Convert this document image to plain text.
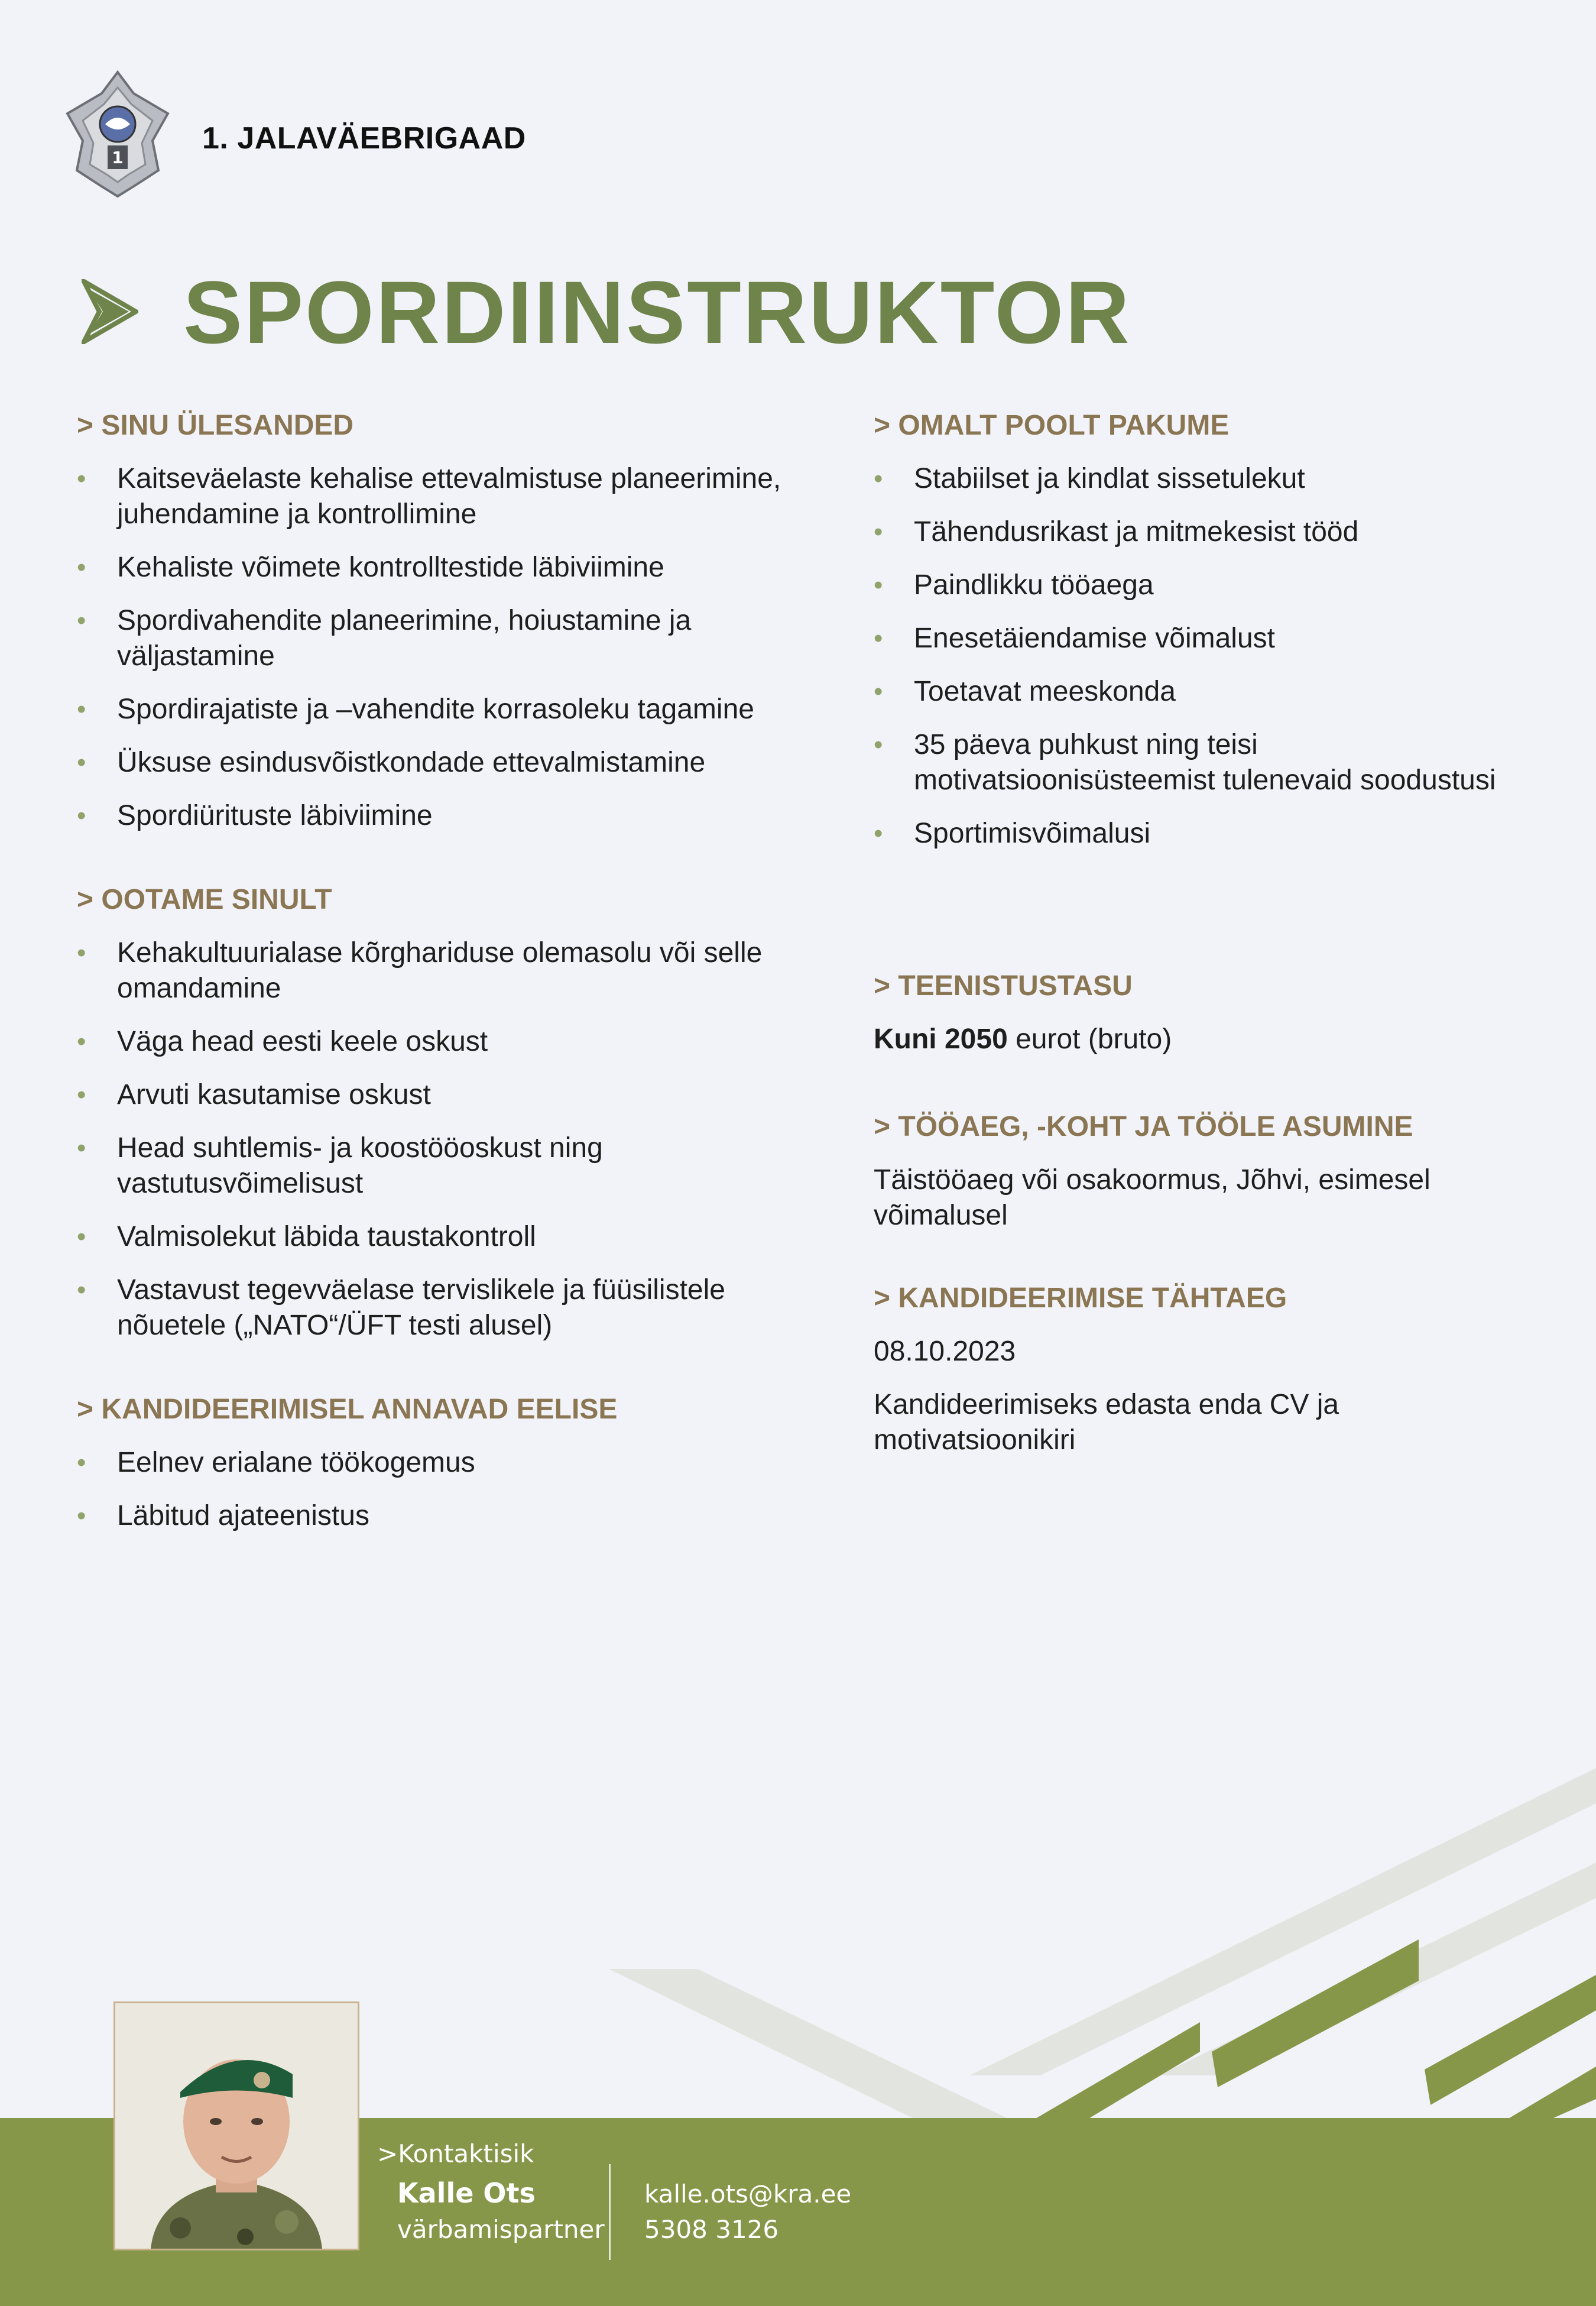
1
1. JALAVÄEBRIGAAD
SPORDIINSTRUKTOR
> SINU ÜLESANDED
• Kaitseväelaste kehalise ettevalmistuse planeerimine, juhendamine ja kontrollimine
• Kehaliste võimete kontrolltestide läbiviimine
• Spordivahendite planeerimine, hoiustamine ja väljastamine
• Spordirajatiste ja –vahendite korrasoleku tagamine
• Üksuse esindusvõistkondade ettevalmistamine
• Spordiürituste läbiviimine
> OOTAME SINULT
• Kehakultuurialase kõrghariduse olemasolu või selle omandamine
• Väga head eesti keele oskust
• Arvuti kasutamise oskust
• Head suhtlemis- ja koostööoskust ning vastutusvõimelisust
• Valmisolekut läbida taustakontroll
• Vastavust tegevväelase tervislikele ja füüsilistele nõuetele („NATO“/ÜFT testi alusel)
> KANDIDEERIMISEL ANNAVAD EELISE
• Eelnev erialane töökogemus
• Läbitud ajateenistus
> OMALT POOLT PAKUME
• Stabiilset ja kindlat sissetulekut
• Tähendusrikast ja mitmekesist tööd
• Paindlikku tööaega
• Enesetäiendamise võimalust
• Toetavat meeskonda
• 35 päeva puhkust ning teisi motivatsioonisüsteemist tulenevaid soodustusi
• Sportimisvõimalusi
> TEENISTUSTASU
Kuni 2050 eurot (bruto)
> TÖÖAEG, -KOHT JA TÖÖLE ASUMINE
Täistööaeg või osakoormus, Jõhvi, esimesel võimalusel
> KANDIDEERIMISE TÄHTAEG
08.10.2023
Kandideerimiseks edasta enda CV ja motivatsioonikiri
>Kontaktisik
Kalle Ots
värbamispartner
kalle.ots@kra.ee
5308 3126
